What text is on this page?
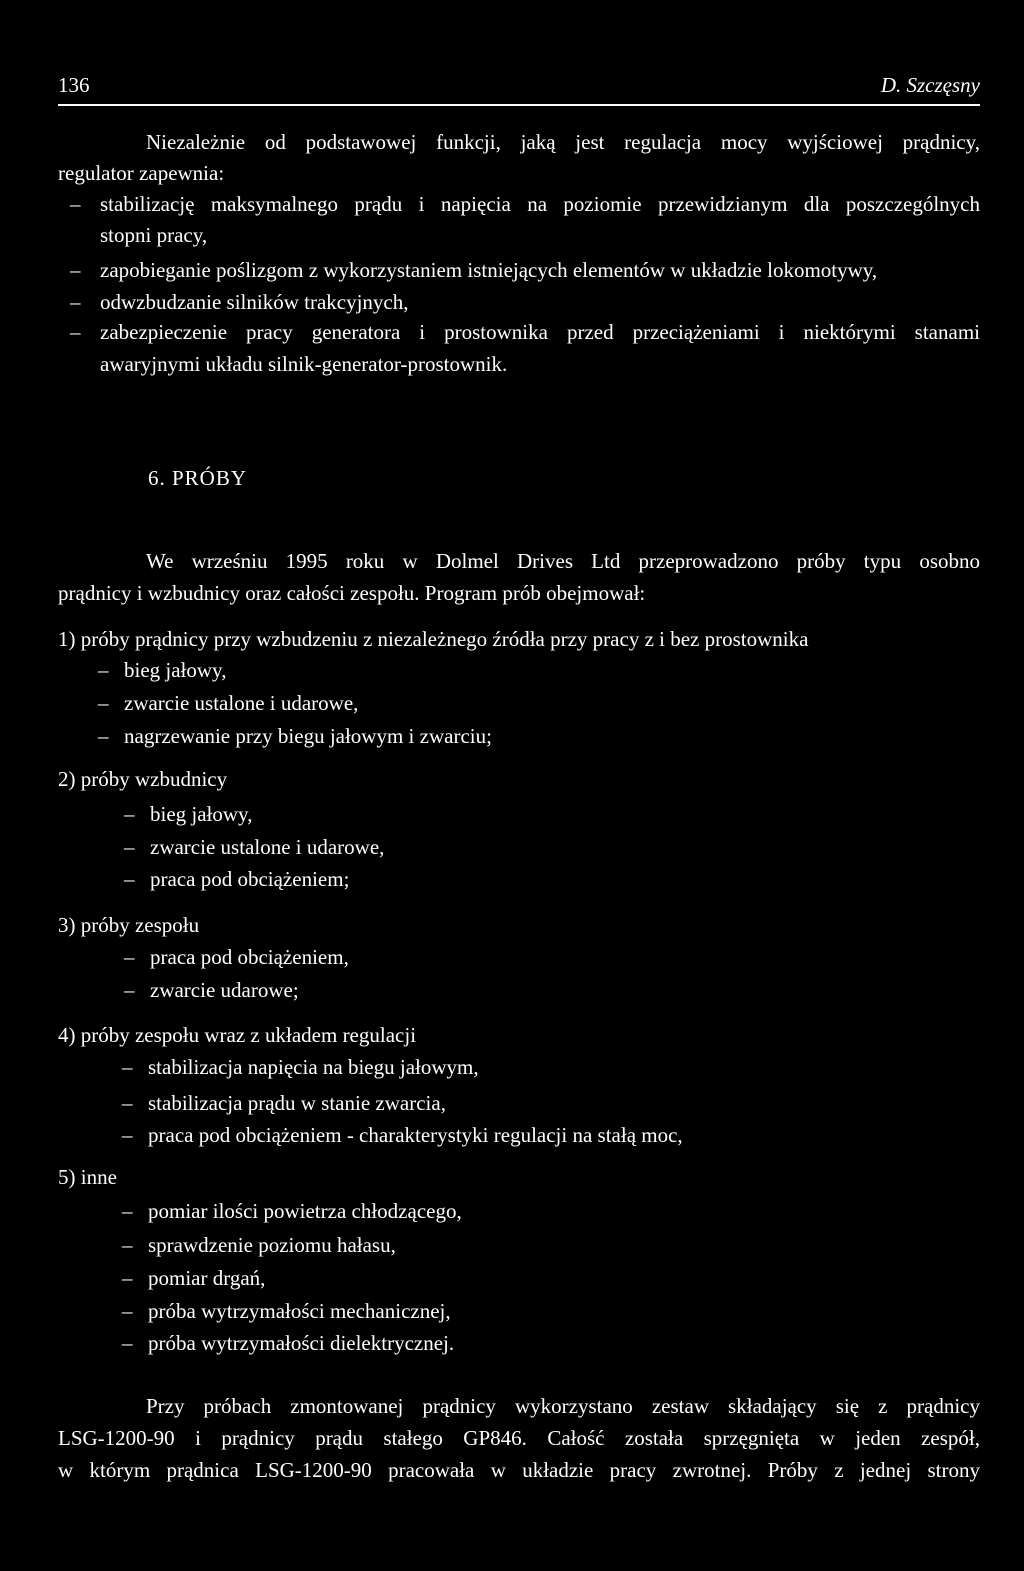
136	D. Szczęsny
Niezależnie od podstawowej funkcji, jaką jest regulacja mocy wyjściowej prądnicy,
regulator zapewnia:
– stabilizację maksymalnego prądu i napięcia na poziomie przewidzianym dla poszczególnych
stopni pracy,
– zapobieganie poślizgom z wykorzystaniem istniejących elementów w układzie lokomotywy,
– odwzbudzanie silników trakcyjnych,
– zabezpieczenie pracy generatora i prostownika przed przeciążeniami i niektórymi stanami
awaryjnymi układu silnik-generator-prostownik.
6. PRÓBY
We wrześniu 1995 roku w Dolmel Drives Ltd przeprowadzono próby typu osobno
prądnicy i wzbudnicy oraz całości zespołu. Program prób obejmował:
1) próby prądnicy przy wzbudzeniu z niezależnego źródła przy pracy z i bez prostownika
– bieg jałowy,
– zwarcie ustalone i udarowe,
– nagrzewanie przy biegu jałowym i zwarciu;
2) próby wzbudnicy
– bieg jałowy,
– zwarcie ustalone i udarowe,
– praca pod obciążeniem;
3) próby zespołu
– praca pod obciążeniem,
– zwarcie udarowe;
4) próby zespołu wraz z układem regulacji
– stabilizacja napięcia na biegu jałowym,
– stabilizacja prądu w stanie zwarcia,
– praca pod obciążeniem - charakterystyki regulacji na stałą moc,
5) inne
– pomiar ilości powietrza chłodzącego,
– sprawdzenie poziomu hałasu,
– pomiar drgań,
– próba wytrzymałości mechanicznej,
– próba wytrzymałości dielektrycznej.
Przy próbach zmontowanej prądnicy wykorzystano zestaw składający się z prądnicy
LSG-1200-90 i prądnicy prądu stałego GP846. Całość została sprzęgnięta w jeden zespół,
w którym prądnica LSG-1200-90 pracowała w układzie pracy zwrotnej. Próby z jednej strony
